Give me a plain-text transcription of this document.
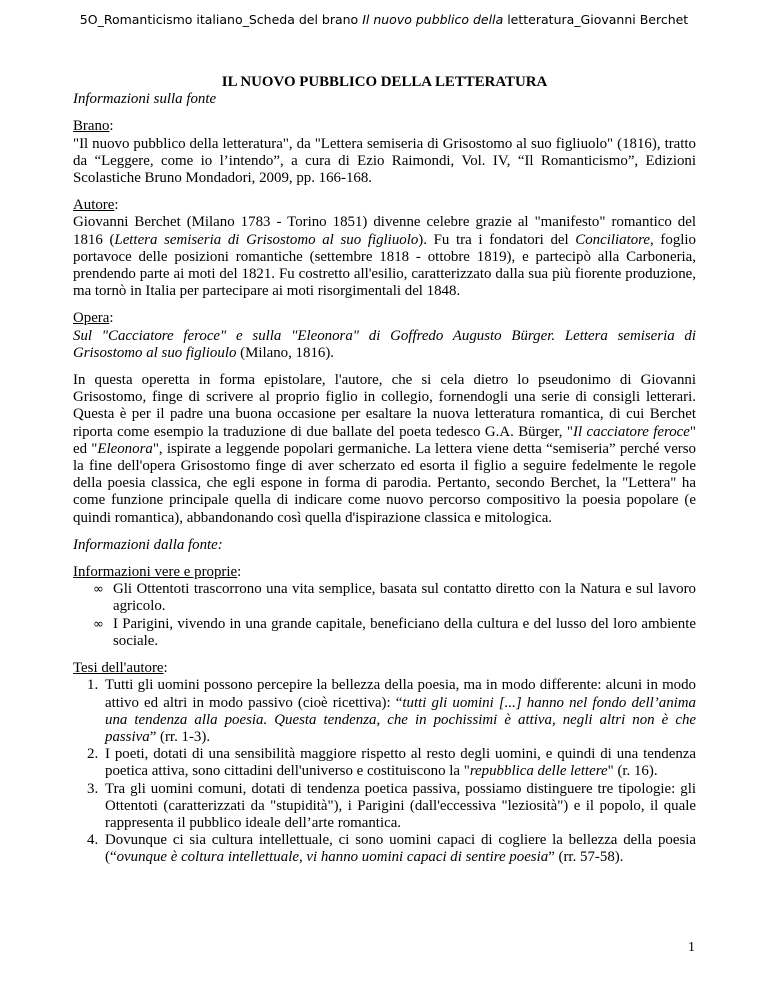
5O_Romanticismo italiano_Scheda del brano Il nuovo pubblico della letteratura_Giovanni Berchet

IL NUOVO PUBBLICO DELLA LETTERATURA

Informazioni sulla fonte

Brano:

"Il nuovo pubblico della letteratura", da "Lettera semiseria di Grisostomo al suo figliuolo" (1816), tratto da “Leggere, come io l’intendo”, a cura di Ezio Raimondi, Vol. IV, “Il Romanticismo”, Edizioni Scolastiche Bruno Mondadori, 2009, pp. 166-168.

Autore:

Giovanni Berchet (Milano 1783 - Torino 1851) divenne celebre grazie al "manifesto" romantico del 1816 (Lettera semiseria di Grisostomo al suo figliuolo). Fu tra i fondatori del Conciliatore, foglio portavoce delle posizioni romantiche (settembre 1818 - ottobre 1819), e partecipò alla Carboneria, prendendo parte ai moti del 1821. Fu costretto all'esilio, caratterizzato dalla sua più fiorente produzione, ma tornò in Italia per partecipare ai moti risorgimentali del 1848.

Opera:

Sul "Cacciatore feroce" e sulla "Eleonora" di Goffredo Augusto Bürger. Lettera semiseria di Grisostomo al suo figlioulo (Milano, 1816).

In questa operetta in forma epistolare, l'autore, che si cela dietro lo pseudonimo di Giovanni Grisostomo, finge di scrivere al proprio figlio in collegio, fornendogli una serie di consigli letterari. Questa è per il padre una buona occasione per esaltare la nuova letteratura romantica, di cui Berchet riporta come esempio la traduzione di due ballate del poeta tedesco G.A. Bürger, "Il cacciatore feroce" ed "Eleonora", ispirate a leggende popolari germaniche. La lettera viene detta “semiseria” perché verso la fine dell'opera Grisostomo finge di aver scherzato ed esorta il figlio a seguire fedelmente le regole della poesia classica, che egli espone in forma di parodia. Pertanto, secondo Berchet, la "Lettera" ha come funzione principale quella di indicare come nuovo percorso compositivo la poesia popolare (e quindi romantica), abbandonando così quella d'ispirazione classica e mitologica.

Informazioni dalla fonte:

Informazioni vere e proprie:

∞ Gli Ottentoti trascorrono una vita semplice, basata sul contatto diretto con la Natura e sul lavoro agricolo.
∞ I Parigini, vivendo in una grande capitale, beneficiano della cultura e del lusso del loro ambiente sociale.

Tesi dell'autore:

1. Tutti gli uomini possono percepire la bellezza della poesia, ma in modo differente: alcuni in modo attivo ed altri in modo passivo (cioè ricettiva): “tutti gli uomini [...] hanno nel fondo dell’anima una tendenza alla poesia. Questa tendenza, che in pochissimi è attiva, negli altri non è che passiva” (rr. 1-3).
2. I poeti, dotati di una sensibilità maggiore rispetto al resto degli uomini, e quindi di una tendenza poetica attiva, sono cittadini dell'universo e costituiscono la "repubblica delle lettere" (r. 16).
3. Tra gli uomini comuni, dotati di tendenza poetica passiva, possiamo distinguere tre tipologie: gli Ottentoti (caratterizzati da "stupidità"), i Parigini (dall'eccessiva "leziosità") e il popolo, il quale rappresenta il pubblico ideale dell’arte romantica.
4. Dovunque ci sia cultura intellettuale, ci sono uomini capaci di cogliere la bellezza della poesia (“ovunque è coltura intellettuale, vi hanno uomini capaci di sentire poesia” (rr. 57-58).
1
